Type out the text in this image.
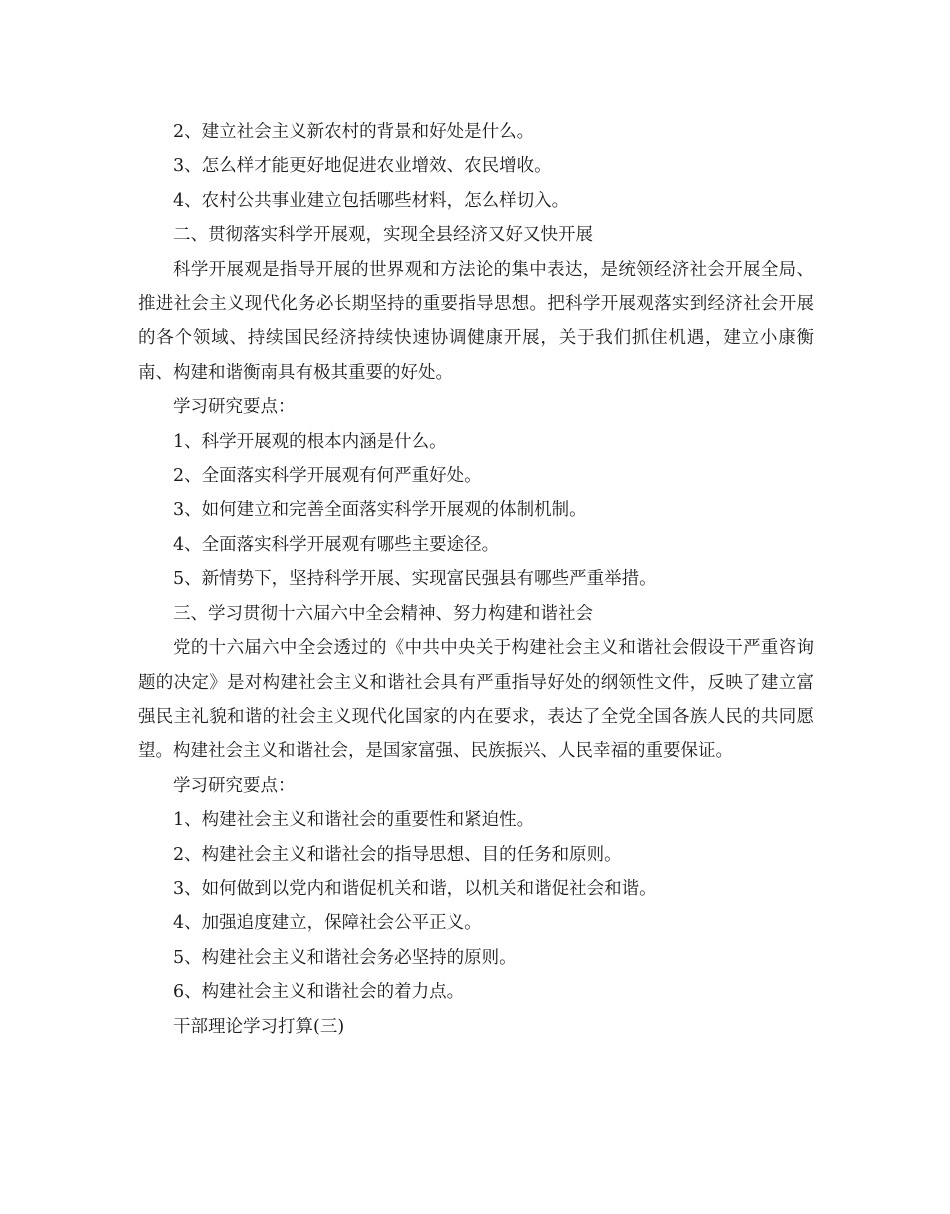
2、建立社会主义新农村的背景和好处是什么。

3、怎么样才能更好地促进农业增效、农民增收。

4、农村公共事业建立包括哪些材料，怎么样切入。

二、贯彻落实科学开展观，实现全县经济又好又快开展

科学开展观是指导开展的世界观和方法论的集中表达，是统领经济社会开展全局、推进社会主义现代化务必长期坚持的重要指导思想。把科学开展观落实到经济社会开展的各个领域、持续国民经济持续快速协调健康开展，关于我们抓住机遇，建立小康衡南、构建和谐衡南具有极其重要的好处。

学习研究要点：

1、科学开展观的根本内涵是什么。

2、全面落实科学开展观有何严重好处。

3、如何建立和完善全面落实科学开展观的体制机制。

4、全面落实科学开展观有哪些主要途径。

5、新情势下，坚持科学开展、实现富民强县有哪些严重举措。

三、学习贯彻十六届六中全会精神、努力构建和谐社会

党的十六届六中全会透过的《中共中央关于构建社会主义和谐社会假设干严重咨询题的决定》是对构建社会主义和谐社会具有严重指导好处的纲领性文件，反映了建立富强民主礼貌和谐的社会主义现代化国家的内在要求，表达了全党全国各族人民的共同愿望。构建社会主义和谐社会，是国家富强、民族振兴、人民幸福的重要保证。

学习研究要点：

1、构建社会主义和谐社会的重要性和紧迫性。

2、构建社会主义和谐社会的指导思想、目的任务和原则。

3、如何做到以党内和谐促机关和谐，以机关和谐促社会和谐。

4、加强追度建立，保障社会公平正义。

5、构建社会主义和谐社会务必坚持的原则。

6、构建社会主义和谐社会的着力点。

干部理论学习打算(三)
